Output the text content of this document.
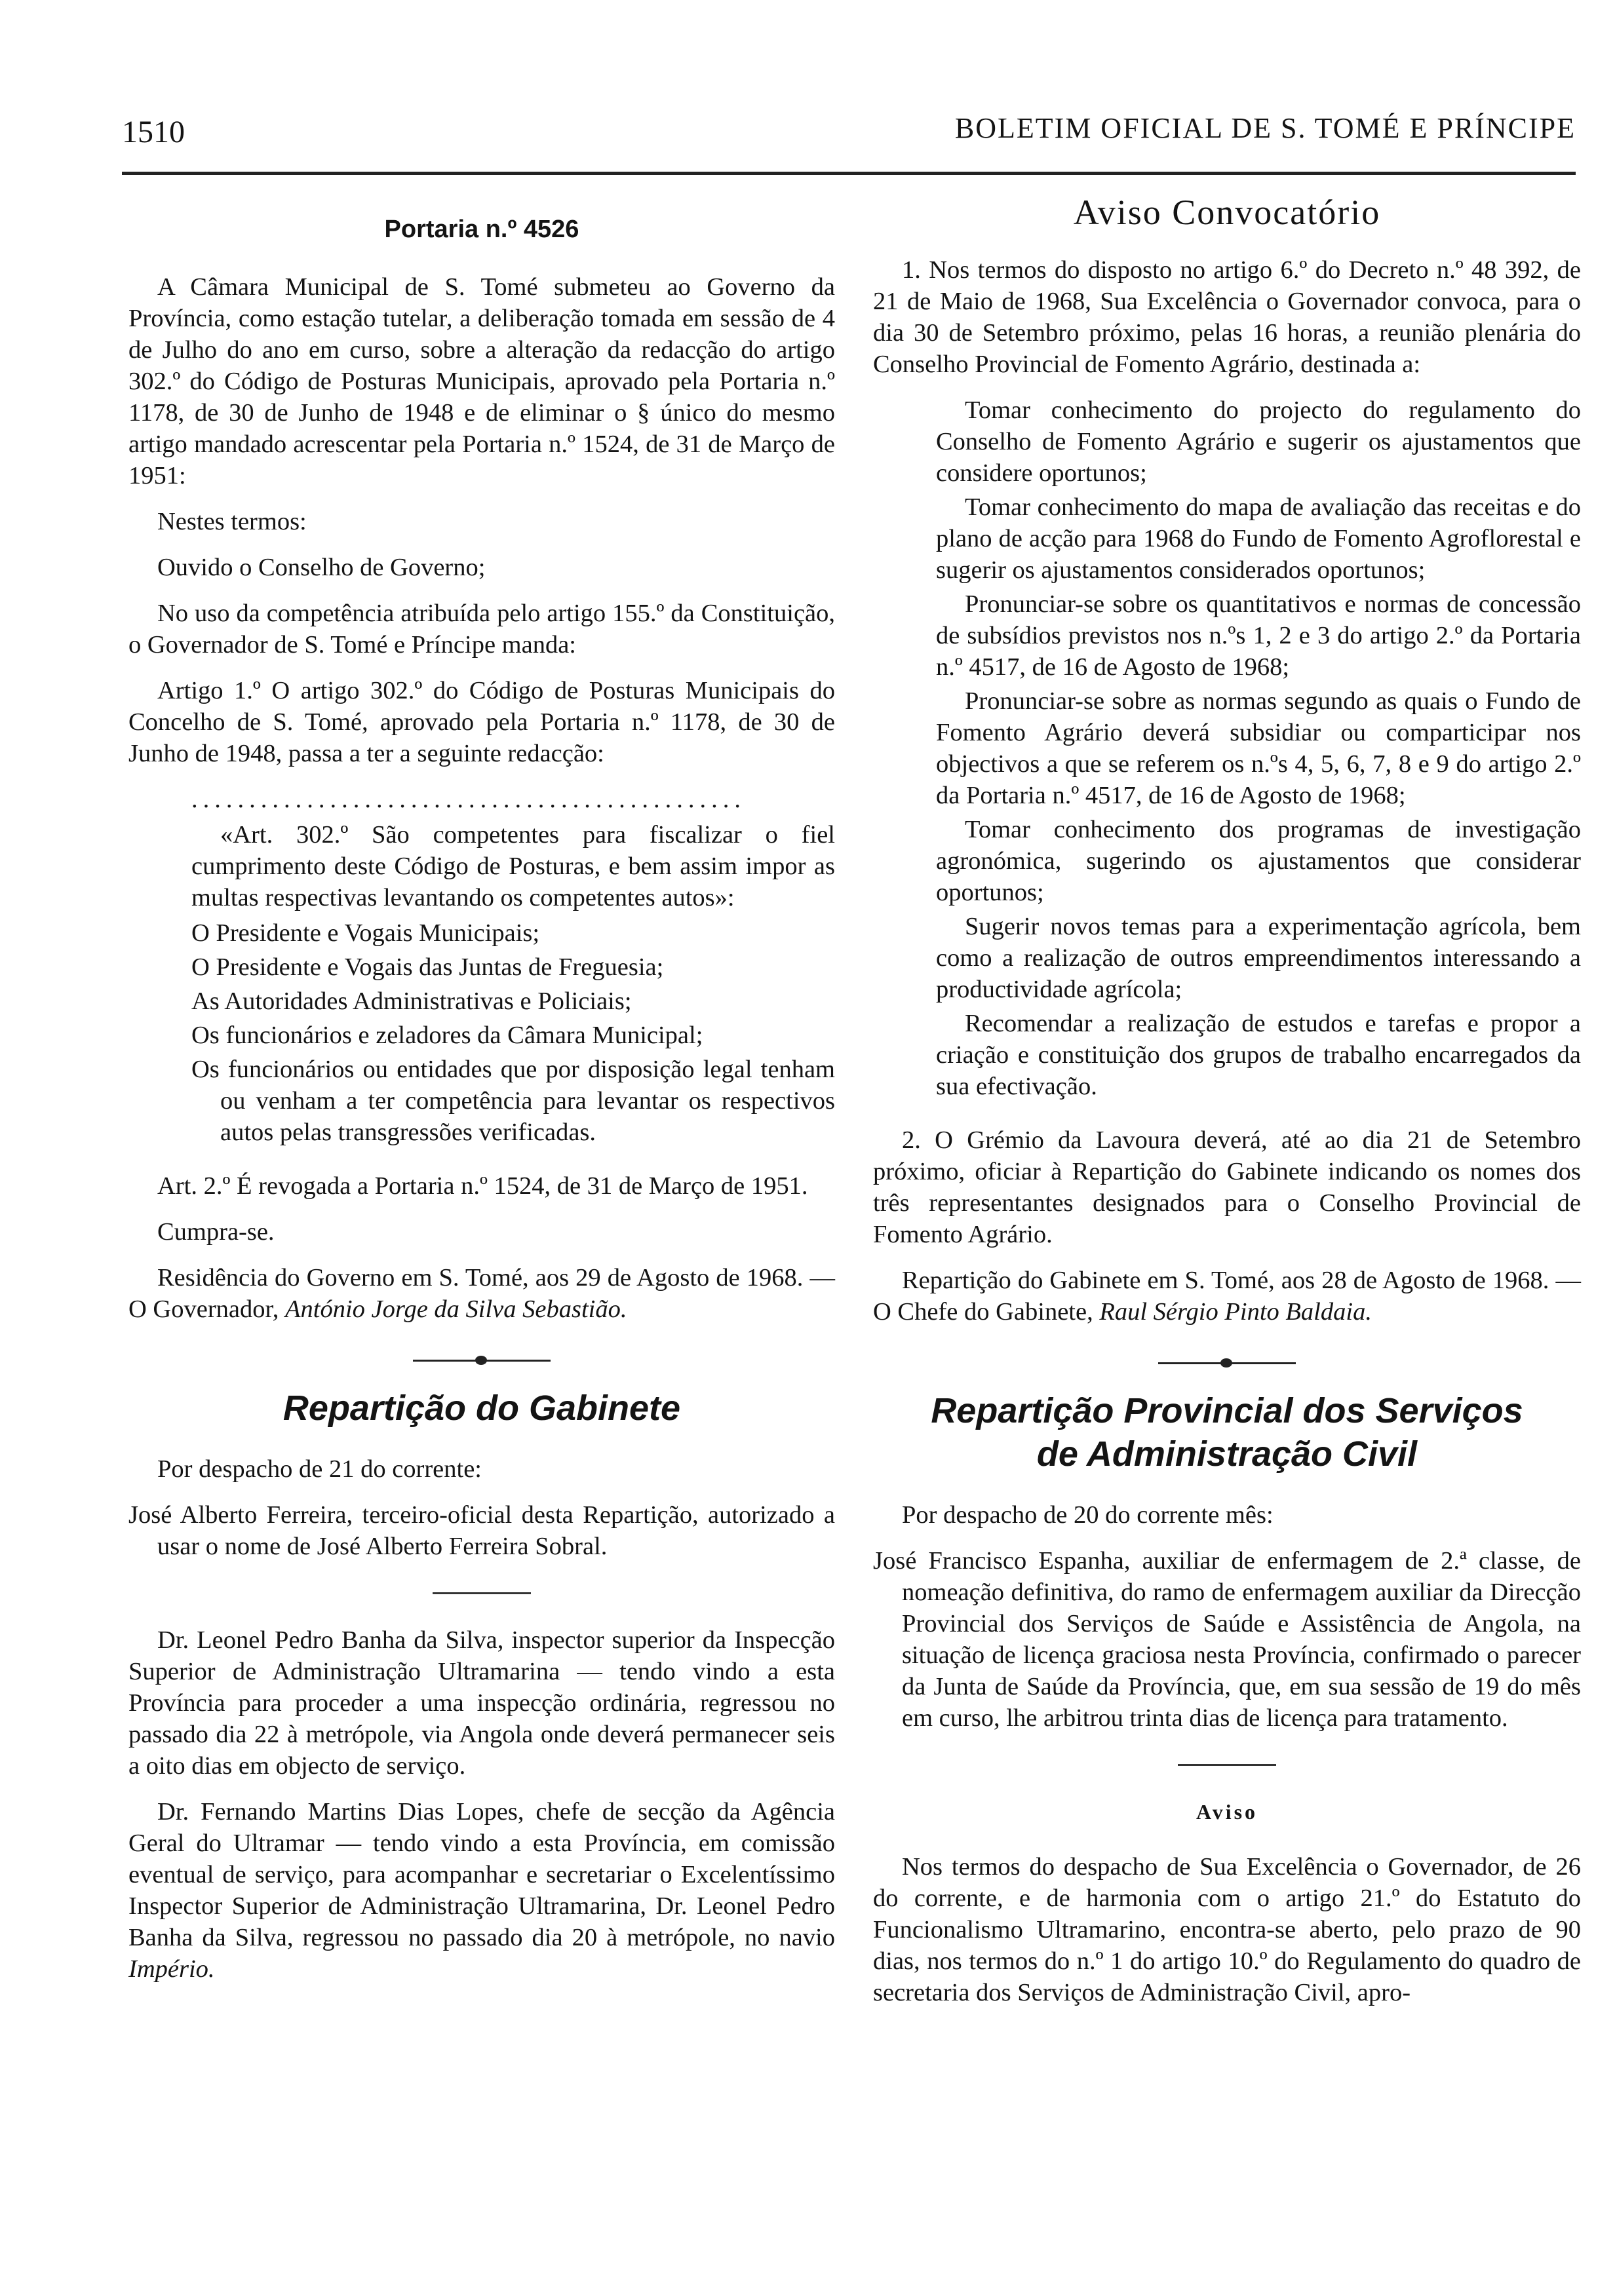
1510	BOLETIM OFICIAL DE S. TOMÉ E PRÍNCIPE
Portaria n.º 4526

A Câmara Municipal de S. Tomé submeteu ao Governo da Província, como estação tutelar, a deliberação tomada em sessão de 4 de Julho do ano em curso, sobre a alteração da redacção do artigo 302.º do Código de Posturas Municipais, aprovado pela Portaria n.º 1178, de 30 de Junho de 1948 e de eliminar o § único do mesmo artigo mandado acrescentar pela Portaria n.º 1524, de 31 de Março de 1951:

Nestes termos:

Ouvido o Conselho de Governo;

No uso da competência atribuída pelo artigo 155.º da Constituição, o Governador de S. Tomé e Príncipe manda:

Artigo 1.º O artigo 302.º do Código de Posturas Municipais do Concelho de S. Tomé, aprovado pela Portaria n.º 1178, de 30 de Junho de 1948, passa a ter a seguinte redacção:

................................................

«Art. 302.º São competentes para fiscalizar o fiel cumprimento deste Código de Posturas, e bem assim impor as multas respectivas levantando os competentes autos»:

O Presidente e Vogais Municipais;

O Presidente e Vogais das Juntas de Freguesia;

As Autoridades Administrativas e Policiais;

Os funcionários e zeladores da Câmara Municipal;

Os funcionários ou entidades que por disposição legal tenham ou venham a ter competência para levantar os respectivos autos pelas transgressões verificadas.

Art. 2.º É revogada a Portaria n.º 1524, de 31 de Março de 1951.

Cumpra-se.

Residência do Governo em S. Tomé, aos 29 de Agosto de 1968. — O Governador, António Jorge da Silva Sebastião.

Repartição do Gabinete

Por despacho de 21 do corrente:

José Alberto Ferreira, terceiro-oficial desta Repartição, autorizado a usar o nome de José Alberto Ferreira Sobral.

Dr. Leonel Pedro Banha da Silva, inspector superior da Inspecção Superior de Administração Ultramarina — tendo vindo a esta Província para proceder a uma inspecção ordinária, regressou no passado dia 22 à metrópole, via Angola onde deverá permanecer seis a oito dias em objecto de serviço.

Dr. Fernando Martins Dias Lopes, chefe de secção da Agência Geral do Ultramar — tendo vindo a esta Província, em comissão eventual de serviço, para acompanhar e secretariar o Excelentíssimo Inspector Superior de Administração Ultramarina, Dr. Leonel Pedro Banha da Silva, regressou no passado dia 20 à metrópole, no navio Império.

Aviso Convocatório

1. Nos termos do disposto no artigo 6.º do Decreto n.º 48 392, de 21 de Maio de 1968, Sua Excelência o Governador convoca, para o dia 30 de Setembro próximo, pelas 16 horas, a reunião plenária do Conselho Provincial de Fomento Agrário, destinada a:

Tomar conhecimento do projecto do regulamento do Conselho de Fomento Agrário e sugerir os ajustamentos que considere oportunos;

Tomar conhecimento do mapa de avaliação das receitas e do plano de acção para 1968 do Fundo de Fomento Agroflorestal e sugerir os ajustamentos considerados oportunos;

Pronunciar-se sobre os quantitativos e normas de concessão de subsídios previstos nos n.ºs 1, 2 e 3 do artigo 2.º da Portaria n.º 4517, de 16 de Agosto de 1968;

Pronunciar-se sobre as normas segundo as quais o Fundo de Fomento Agrário deverá subsidiar ou comparticipar nos objectivos a que se referem os n.ºs 4, 5, 6, 7, 8 e 9 do artigo 2.º da Portaria n.º 4517, de 16 de Agosto de 1968;

Tomar conhecimento dos programas de investigação agronómica, sugerindo os ajustamentos que considerar oportunos;

Sugerir novos temas para a experimentação agrícola, bem como a realização de outros empreendimentos interessando a productividade agrícola;

Recomendar a realização de estudos e tarefas e propor a criação e constituição dos grupos de trabalho encarregados da sua efectivação.

2. O Grémio da Lavoura deverá, até ao dia 21 de Setembro próximo, oficiar à Repartição do Gabinete indicando os nomes dos três representantes designados para o Conselho Provincial de Fomento Agrário.

Repartição do Gabinete em S. Tomé, aos 28 de Agosto de 1968. — O Chefe do Gabinete, Raul Sérgio Pinto Baldaia.

Repartição Provincial dos Serviços
de Administração Civil

Por despacho de 20 do corrente mês:

José Francisco Espanha, auxiliar de enfermagem de 2.ª classe, de nomeação definitiva, do ramo de enfermagem auxiliar da Direcção Provincial dos Serviços de Saúde e Assistência de Angola, na situação de licença graciosa nesta Província, confirmado o parecer da Junta de Saúde da Província, que, em sua sessão de 19 do mês em curso, lhe arbitrou trinta dias de licença para tratamento.

Aviso

Nos termos do despacho de Sua Excelência o Governador, de 26 do corrente, e de harmonia com o artigo 21.º do Estatuto do Funcionalismo Ultramarino, encontra-se aberto, pelo prazo de 90 dias, nos termos do n.º 1 do artigo 10.º do Regulamento do quadro de secretaria dos Serviços de Administração Civil, apro-
